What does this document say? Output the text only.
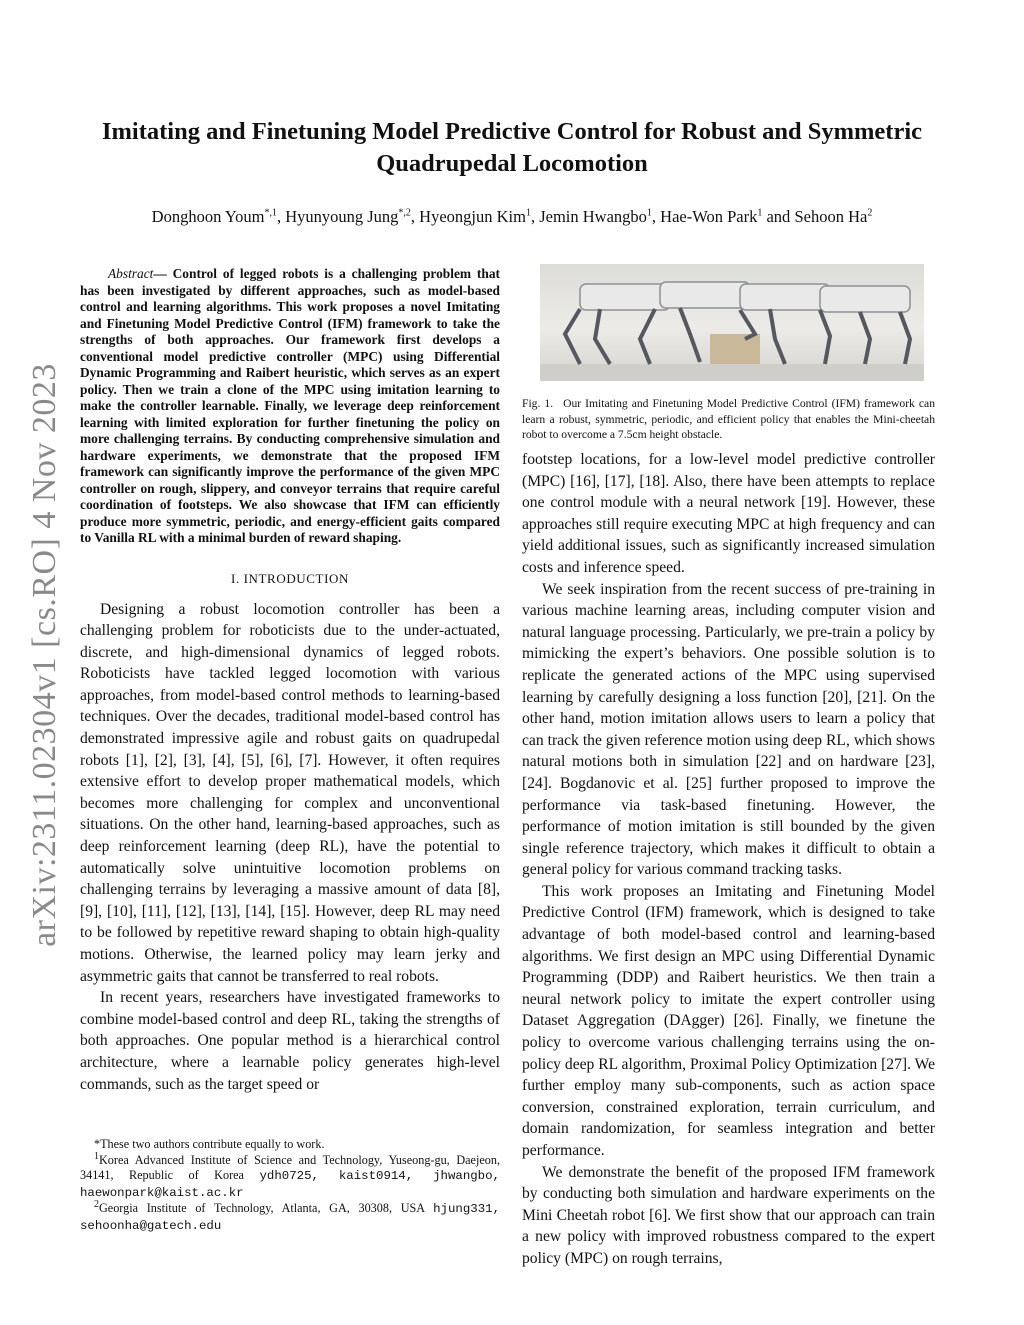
arXiv:2311.02304v1 [cs.RO] 4 Nov 2023
Imitating and Finetuning Model Predictive Control for Robust and Symmetric Quadrupedal Locomotion
Donghoon Youm$^{*,1}$, Hyunyoung Jung$^{*,2}$, Hyeongjun Kim$^1$, Jemin Hwangbo$^1$, Hae-Won Park$^1$ and Sehoon Ha$^2$

Abstract— Control of legged robots is a challenging problem that has been investigated by different approaches, such as model-based control and learning algorithms. This work proposes a novel Imitating and Finetuning Model Predictive Control (IFM) framework to take the strengths of both approaches. Our framework first develops a conventional model predictive controller (MPC) using Differential Dynamic Programming and Raibert heuristic, which serves as an expert policy. Then we train a clone of the MPC using imitation learning to make the controller learnable. Finally, we leverage deep reinforcement learning with limited exploration for further finetuning the policy on more challenging terrains. By conducting comprehensive simulation and hardware experiments, we demonstrate that the proposed IFM framework can significantly improve the performance of the given MPC controller on rough, slippery, and conveyor terrains that require careful coordination of footsteps. We also showcase that IFM can efficiently produce more symmetric, periodic, and energy-efficient gaits compared to Vanilla RL with a minimal burden of reward shaping.

I. INTRODUCTION

Designing a robust locomotion controller has been a challenging problem for roboticists due to the under-actuated, discrete, and high-dimensional dynamics of legged robots. Roboticists have tackled legged locomotion with various approaches, from model-based control methods to learning-based techniques. Over the decades, traditional model-based control has demonstrated impressive agile and robust gaits on quadrupedal robots [1], [2], [3], [4], [5], [6], [7]. However, it often requires extensive effort to develop proper mathematical models, which becomes more challenging for complex and unconventional situations. On the other hand, learning-based approaches, such as deep reinforcement learning (deep RL), have the potential to automatically solve unintuitive locomotion problems on challenging terrains by leveraging a massive amount of data [8], [9], [10], [11], [12], [13], [14], [15]. However, deep RL may need to be followed by repetitive reward shaping to obtain high-quality motions. Otherwise, the learned policy may learn jerky and asymmetric gaits that cannot be transferred to real robots.

In recent years, researchers have investigated frameworks to combine model-based control and deep RL, taking the strengths of both approaches. One popular method is a hierarchical control architecture, where a learnable policy generates high-level commands, such as the target speed or

*These two authors contribute equally to work.
$^1$Korea Advanced Institute of Science and Technology, Yuseong-gu, Daejeon, 34141, Republic of Korea ydh0725, kaist0914, jhwangbo, haewonpark@kaist.ac.kr
$^2$Georgia Institute of Technology, Atlanta, GA, 30308, USA hjung331, sehoonha@gatech.edu
Fig. 1. Our Imitating and Finetuning Model Predictive Control (IFM) framework can learn a robust, symmetric, periodic, and efficient policy that enables the Mini-cheetah robot to overcome a 7.5cm height obstacle.

footstep locations, for a low-level model predictive controller (MPC) [16], [17], [18]. Also, there have been attempts to replace one control module with a neural network [19]. However, these approaches still require executing MPC at high frequency and can yield additional issues, such as significantly increased simulation costs and inference speed.

We seek inspiration from the recent success of pre-training in various machine learning areas, including computer vision and natural language processing. Particularly, we pre-train a policy by mimicking the expert’s behaviors. One possible solution is to replicate the generated actions of the MPC using supervised learning by carefully designing a loss function [20], [21]. On the other hand, motion imitation allows users to learn a policy that can track the given reference motion using deep RL, which shows natural motions both in simulation [22] and on hardware [23], [24]. Bogdanovic et al. [25] further proposed to improve the performance via task-based finetuning. However, the performance of motion imitation is still bounded by the given single reference trajectory, which makes it difficult to obtain a general policy for various command tracking tasks.

This work proposes an Imitating and Finetuning Model Predictive Control (IFM) framework, which is designed to take advantage of both model-based control and learning-based algorithms. We first design an MPC using Differential Dynamic Programming (DDP) and Raibert heuristics. We then train a neural network policy to imitate the expert controller using Dataset Aggregation (DAgger) [26]. Finally, we finetune the policy to overcome various challenging terrains using the on-policy deep RL algorithm, Proximal Policy Optimization [27]. We further employ many sub-components, such as action space conversion, constrained exploration, terrain curriculum, and domain randomization, for seamless integration and better performance.

We demonstrate the benefit of the proposed IFM framework by conducting both simulation and hardware experiments on the Mini Cheetah robot [6]. We first show that our approach can train a new policy with improved robustness compared to the expert policy (MPC) on rough terrains,
